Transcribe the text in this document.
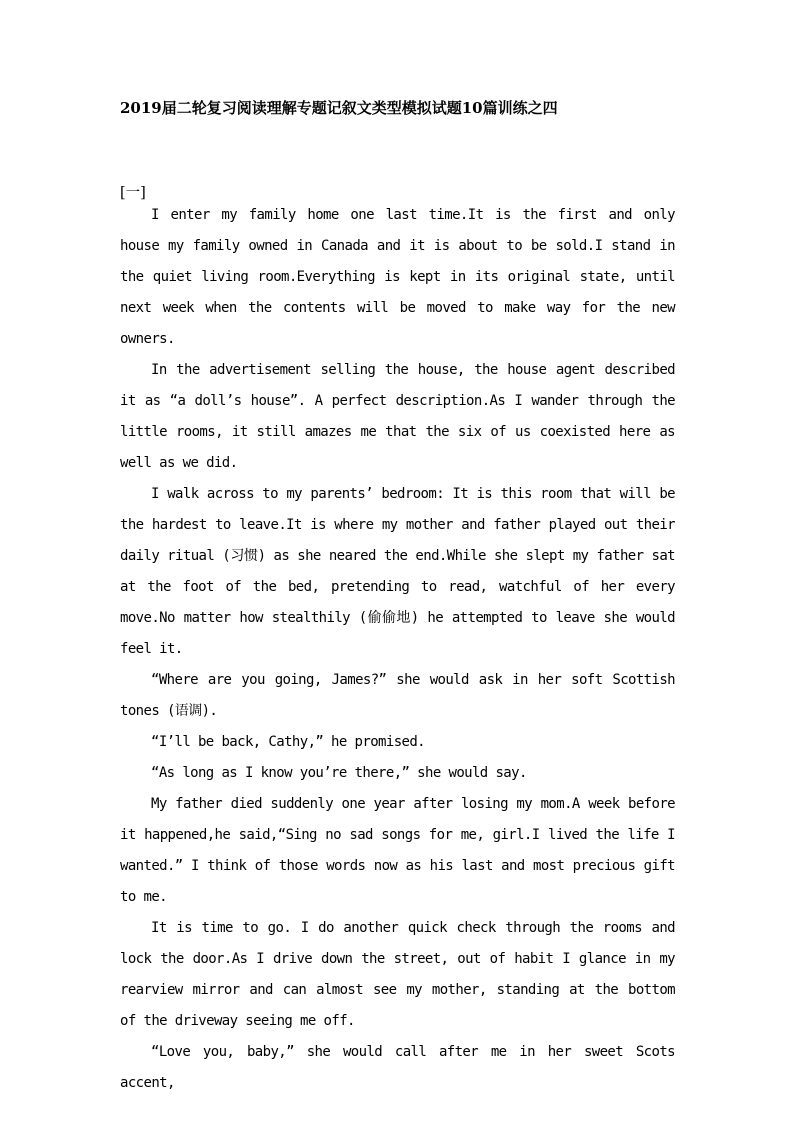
2019届二轮复习阅读理解专题记叙文类型模拟试题10篇训练之四
[一]

I enter my family home one last time.It is the first and only house my family owned in Canada and it is about to be sold.I stand in the quiet living room.Everything is kept in its original state, until next week when the contents will be moved to make way for the new owners.

In the advertisement selling the house, the house agent described it as “a doll’s house”. A perfect description.As I wander through the little rooms, it still amazes me that the six of us coexisted here as well as we did.

I walk across to my parents’ bedroom: It is this room that will be the hardest to leave.It is where my mother and father played out their daily ritual (习惯) as she neared the end.While she slept my father sat at the foot of the bed, pretending to read, watchful of her every move.No matter how stealthily (偷偷地) he attempted to leave she would feel it.

“Where are you going, James?” she would ask in her soft Scottish tones (语调).

“I’ll be back, Cathy,” he promised.

“As long as I know you’re there,” she would say.

My father died suddenly one year after losing my mom.A week before it happened,he said,“Sing no sad songs for me, girl.I lived the life I wanted.” I think of those words now as his last and most precious gift to me.

It is time to go. I do another quick check through the rooms and lock the door.As I drive down the street, out of habit I glance in my rearview mirror and can almost see my mother, standing at the bottom of the driveway seeing me off.

“Love you, baby,” she would call after me in her sweet Scots accent,
